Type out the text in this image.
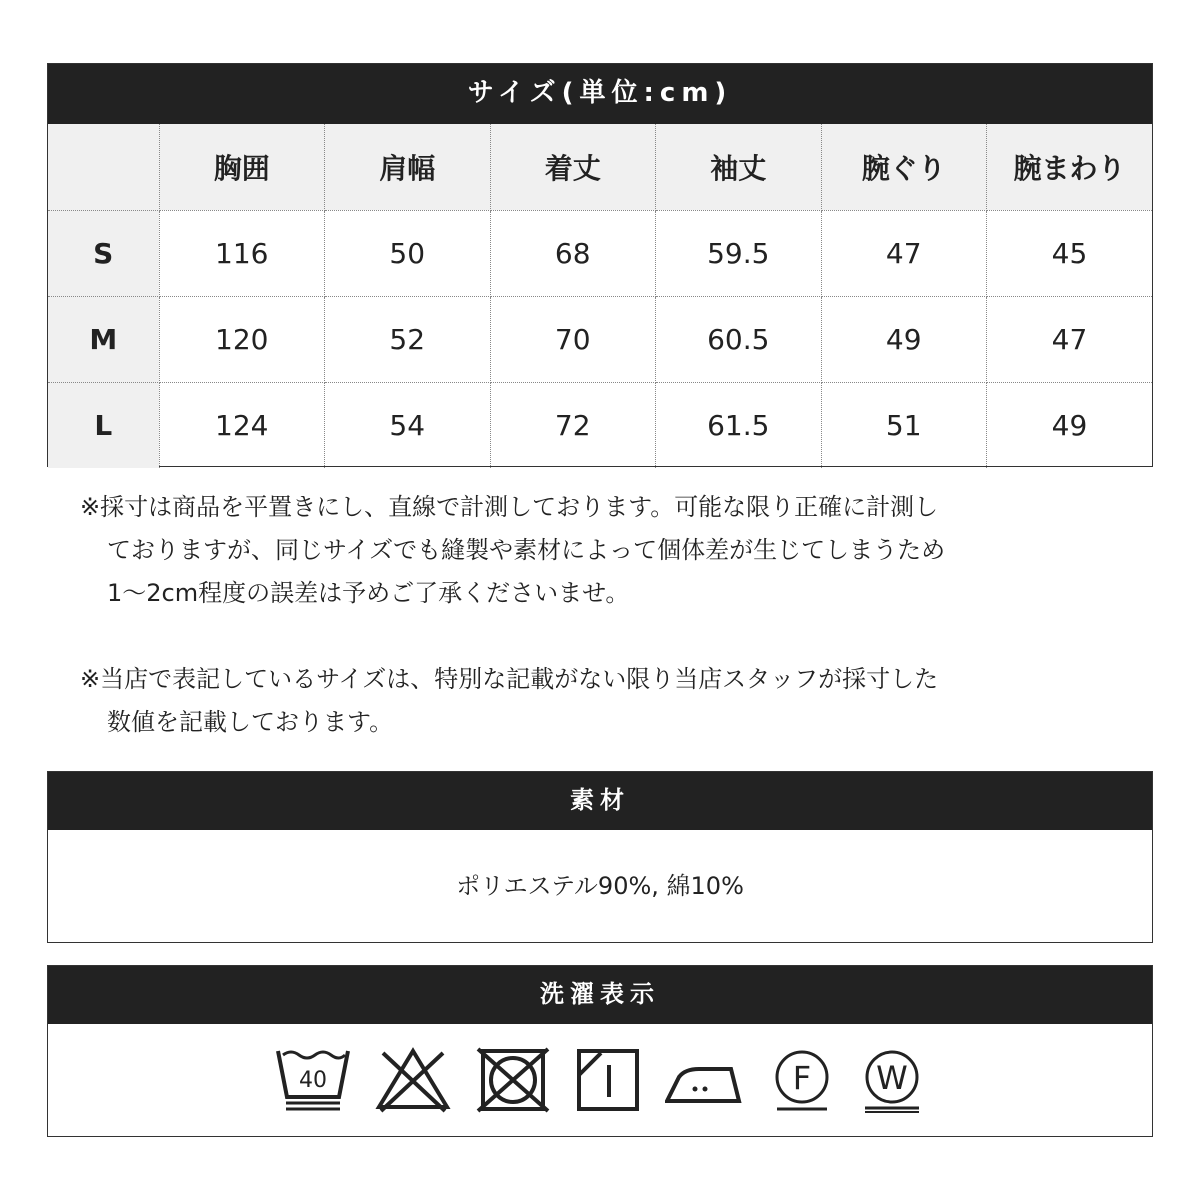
サイズ(単位:cm)
	胸囲	肩幅	着丈	袖丈	腕ぐり	腕まわり
S	116	50	68	59.5	47	45
M	120	52	70	60.5	49	47
L	124	54	72	61.5	51	49

※採寸は商品を平置きにし、直線で計測しております。可能な限り正確に計測し

ておりますが、同じサイズでも縫製や素材によって個体差が生じてしまうため

1～2cm程度の誤差は予めご了承くださいませ。

※当店で表記しているサイズは、特別な記載がない限り当店スタッフが採寸した

数値を記載しております。

素材
ポリエステル90%, 綿10%
洗濯表示
40	F W
